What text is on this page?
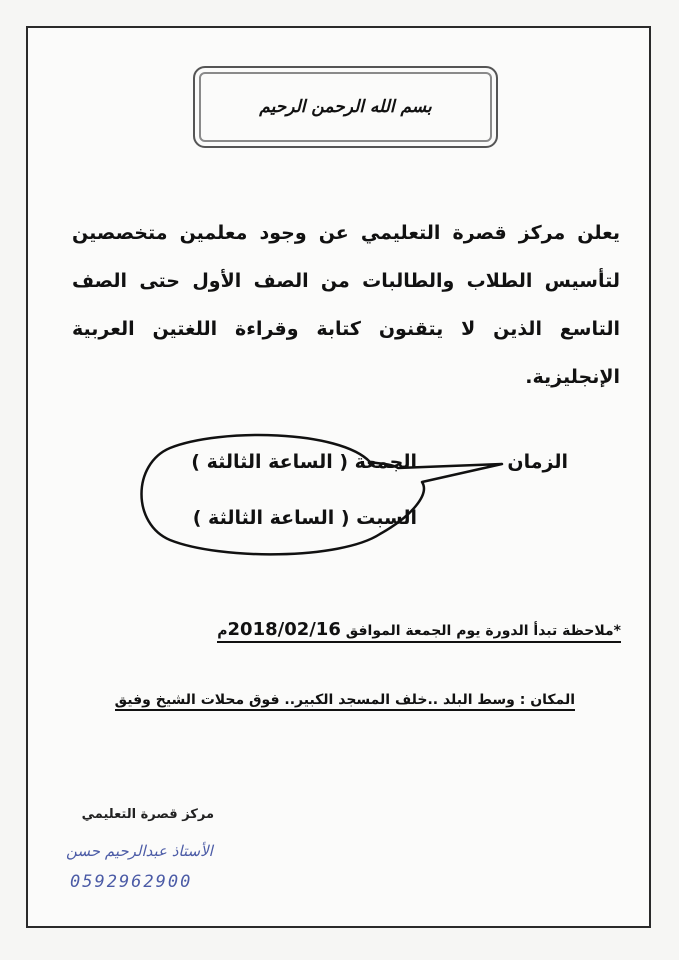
بسم الله الرحمن الرحيم

يعلن مركز قصرة التعليمي عن وجود معلمين متخصصين لتأسيس الطلاب والطالبات من الصف الأول حتى الصف التاسع الذين لا يتقنون كتابة وقراءة اللغتين العربية الإنجليزية.

الزمان
الجمعة ( الساعة الثالثة )
السبت ( الساعة الثالثة )
*ملاحظة تبدأ الدورة يوم الجمعة الموافق 2018/02/16م
المكان : وسط البلد ..خلف المسجد الكبير.. فوق محلات الشيخ وفيق
مركز قصرة التعليمي
الأستاذ عبدالرحيم حسن
0592962900
